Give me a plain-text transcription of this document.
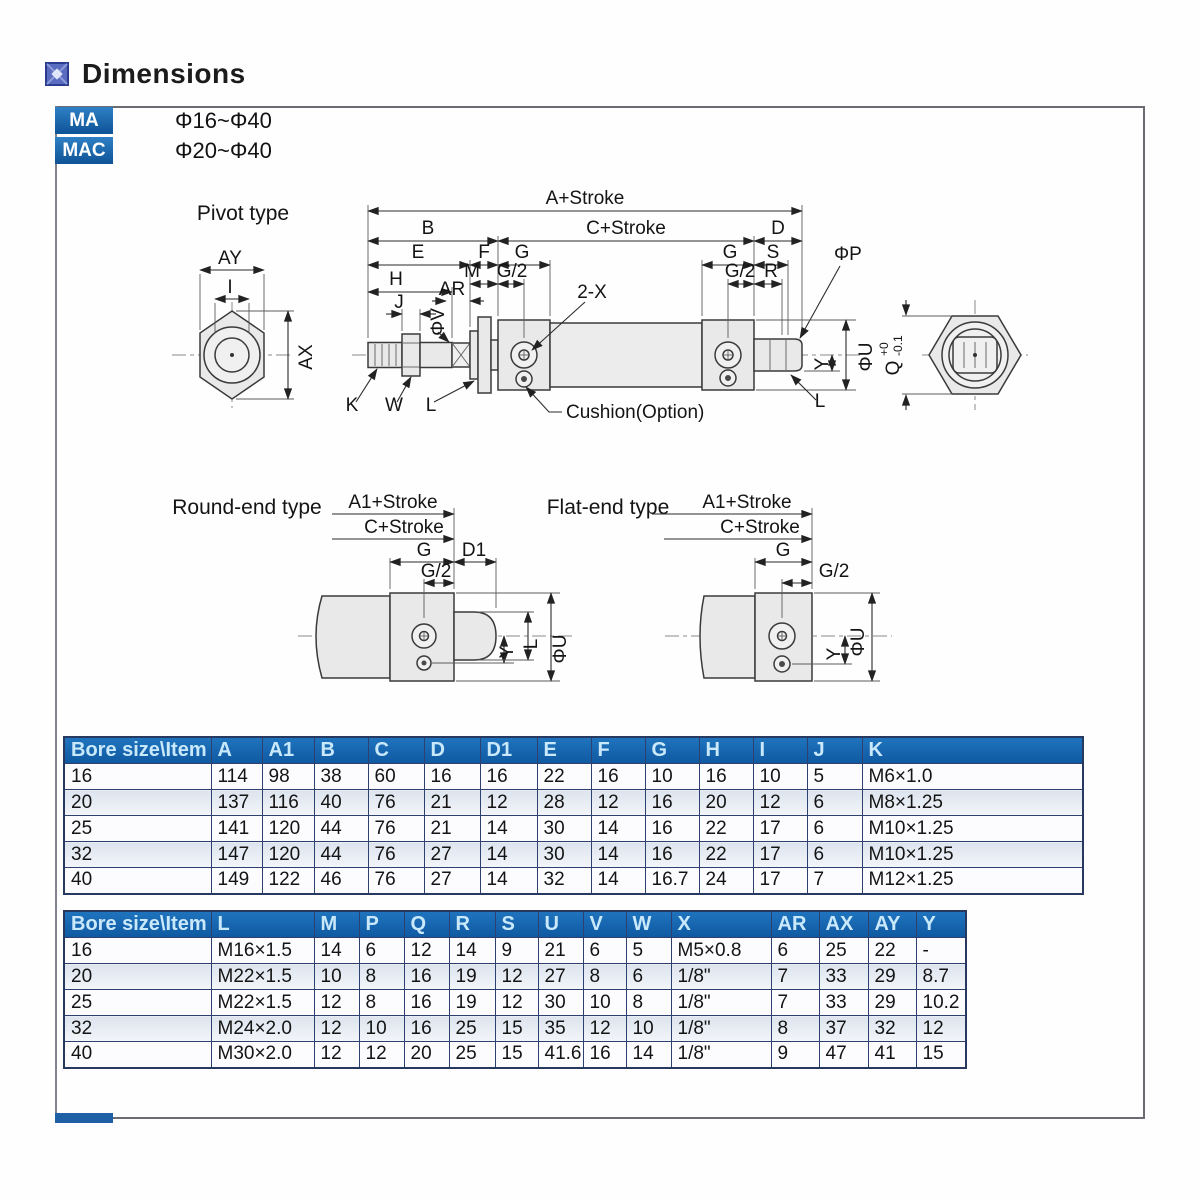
Dimensions
MA	Φ16~Φ40
MAC	Φ20~Φ40
Pivot type
AY
I
AX
A+Stroke
B	C+Stroke	D
E	F G
M G/2
H AR
J
ΦV
2-X
G S
G/2 R
ΦP
ΦU
Y
L
K W L	Cushion(Option)
Q
+0 -0.1
Round-end type A1+Stroke
C+Stroke
G D1
G/2
Y
L ΦU
Flat-end type A1+Stroke
C+Stroke
G
G/2
Y ΦU
Bore size\Item	A	A1	B	C	D	D1	E	F	G	H	I	J	K
16	114	98	38	60	16	16	22	16	10	16	10	5	M6×1.0
20	137	116	40	76	21	12	28	12	16	20	12	6	M8×1.25
25	141	120	44	76	21	14	30	14	16	22	17	6	M10×1.25
32	147	120	44	76	27	14	30	14	16	22	17	6	M10×1.25
40	149	122	46	76	27	14	32	14	16.7	24	17	7	M12×1.25
Bore size\Item	L	M	P	Q	R	S	U	V	W	X	AR	AX	AY	Y
16	M16×1.5	14	6	12	14	9	21	6	5	M5×0.8	6	25	22	-
20	M22×1.5	10	8	16	19	12	27	8	6	1/8"	7	33	29	8.7
25	M22×1.5	12	8	16	19	12	30	10	8	1/8"	7	33	29	10.2
32	M24×2.0	12	10	16	25	15	35	12	10	1/8"	8	37	32	12
40	M30×2.0	12	12	20	25	15	41.6	16	14	1/8"	9	47	41	15
